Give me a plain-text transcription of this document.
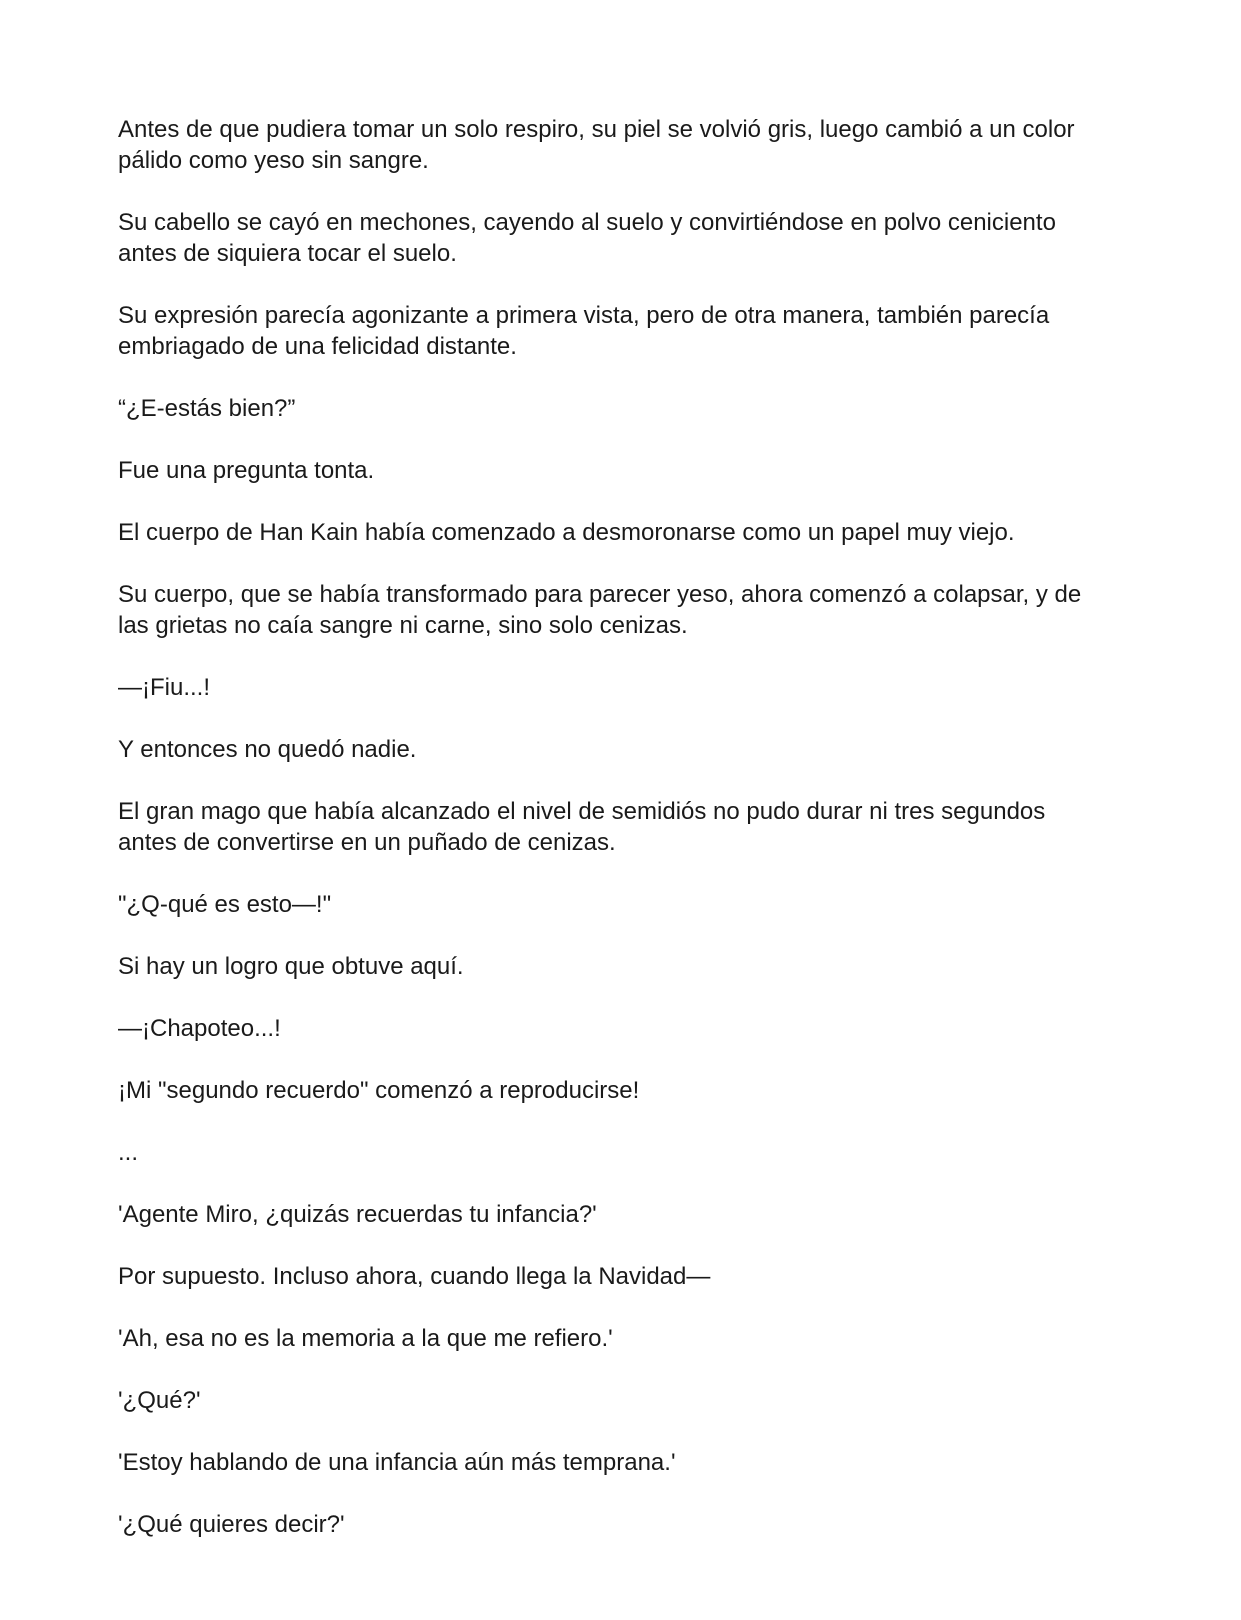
Antes de que pudiera tomar un solo respiro, su piel se volvió gris, luego cambió a un color pálido como yeso sin sangre.

Su cabello se cayó en mechones, cayendo al suelo y convirtiéndose en polvo ceniciento antes de siquiera tocar el suelo.

Su expresión parecía agonizante a primera vista, pero de otra manera, también parecía embriagado de una felicidad distante.

“¿E-estás bien?”

Fue una pregunta tonta.

El cuerpo de Han Kain había comenzado a desmoronarse como un papel muy viejo.

Su cuerpo, que se había transformado para parecer yeso, ahora comenzó a colapsar, y de las grietas no caía sangre ni carne, sino solo cenizas.

—¡Fiu...!

Y entonces no quedó nadie.

El gran mago que había alcanzado el nivel de semidiós no pudo durar ni tres segundos antes de convertirse en un puñado de cenizas.

"¿Q-qué es esto—!"

Si hay un logro que obtuve aquí.

—¡Chapoteo...!

¡Mi "segundo recuerdo" comenzó a reproducirse!

...

'Agente Miro, ¿quizás recuerdas tu infancia?'

Por supuesto. Incluso ahora, cuando llega la Navidad—

'Ah, esa no es la memoria a la que me refiero.'

'¿Qué?'

'Estoy hablando de una infancia aún más temprana.'

'¿Qué quieres decir?'
